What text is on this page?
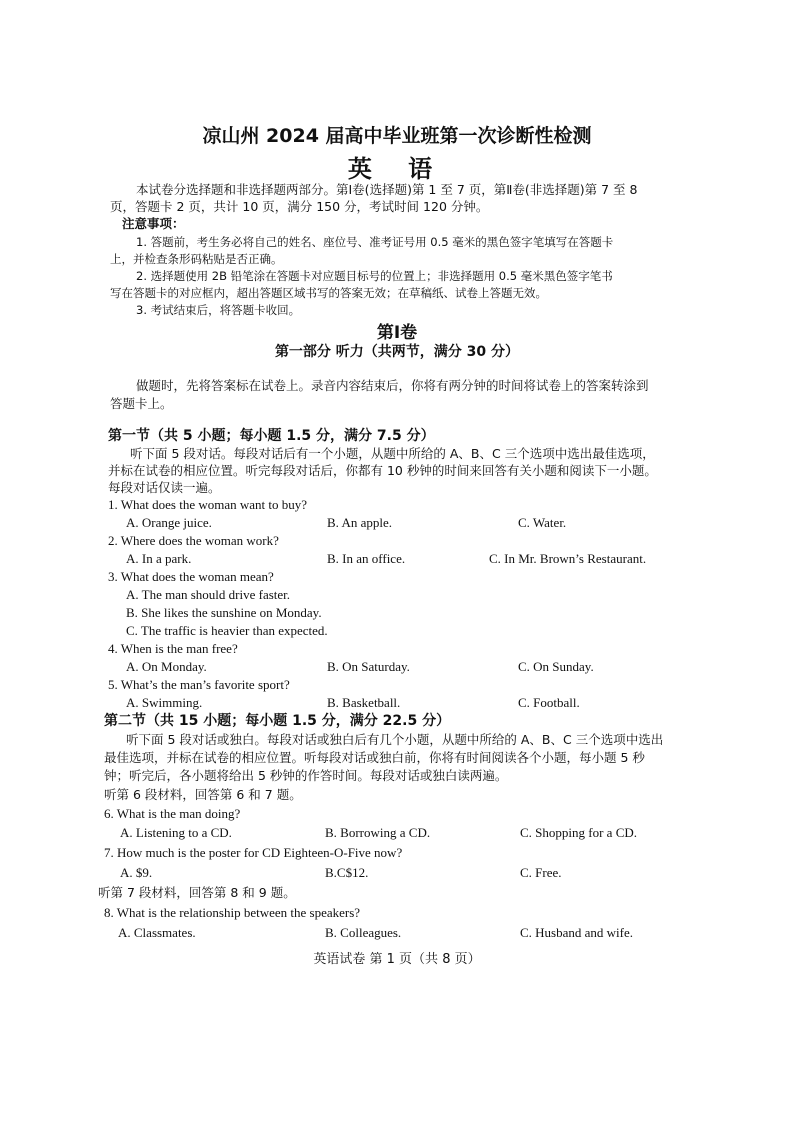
凉山州 2024 届高中毕业班第一次诊断性检测
英 语
本试卷分选择题和非选择题两部分。第Ⅰ卷(选择题)第 1 至 7 页，第Ⅱ卷(非选择题)第 7 至 8
页，答题卡 2 页，共计 10 页，满分 150 分，考试时间 120 分钟。
注意事项：
1. 答题前，考生务必将自己的姓名、座位号、准考证号用 0.5 毫米的黑色签字笔填写在答题卡
上，并检查条形码粘贴是否正确。
2. 选择题使用 2B 铅笔涂在答题卡对应题目标号的位置上；非选择题用 0.5 毫米黑色签字笔书
写在答题卡的对应框内，超出答题区域书写的答案无效；在草稿纸、试卷上答题无效。
3. 考试结束后，将答题卡收回。
第Ⅰ卷
第一部分 听力（共两节，满分 30 分）
做题时，先将答案标在试卷上。录音内容结束后，你将有两分钟的时间将试卷上的答案转涂到
答题卡上。
第一节（共 5 小题；每小题 1.5 分，满分 7.5 分）
听下面 5 段对话。每段对话后有一个小题，从题中所给的 A、B、C 三个选项中选出最佳选项，
并标在试卷的相应位置。听完每段对话后，你都有 10 秒钟的时间来回答有关小题和阅读下一小题。
每段对话仅读一遍。
1. What does the woman want to buy?
A. Orange juice.	B. An apple.	C. Water.
2. Where does the woman work?
A. In a park.	B. In an office.	C. In Mr. Brown’s Restaurant.
3. What does the woman mean?
A. The man should drive faster.
B. She likes the sunshine on Monday.
C. The traffic is heavier than expected.
4. When is the man free?
A. On Monday.	B. On Saturday.	C. On Sunday.
5. What’s the man’s favorite sport?
A. Swimming.	B. Basketball.	C. Football.
第二节（共 15 小题；每小题 1.5 分，满分 22.5 分）
听下面 5 段对话或独白。每段对话或独白后有几个小题，从题中所给的 A、B、C 三个选项中选出
最佳选项，并标在试卷的相应位置。听每段对话或独白前，你将有时间阅读各个小题，每小题 5 秒
钟；听完后，各小题将给出 5 秒钟的作答时间。每段对话或独白读两遍。
听第 6 段材料，回答第 6 和 7 题。
6. What is the man doing?
A. Listening to a CD.	B. Borrowing a CD.	C. Shopping for a CD.
7. How much is the poster for CD Eighteen-O-Five now?
A. $9.	B.C$12.	C. Free.
听第 7 段材料，回答第 8 和 9 题。
8. What is the relationship between the speakers?
A. Classmates.	B. Colleagues.	C. Husband and wife.
英语试卷 第 1 页（共 8 页）
